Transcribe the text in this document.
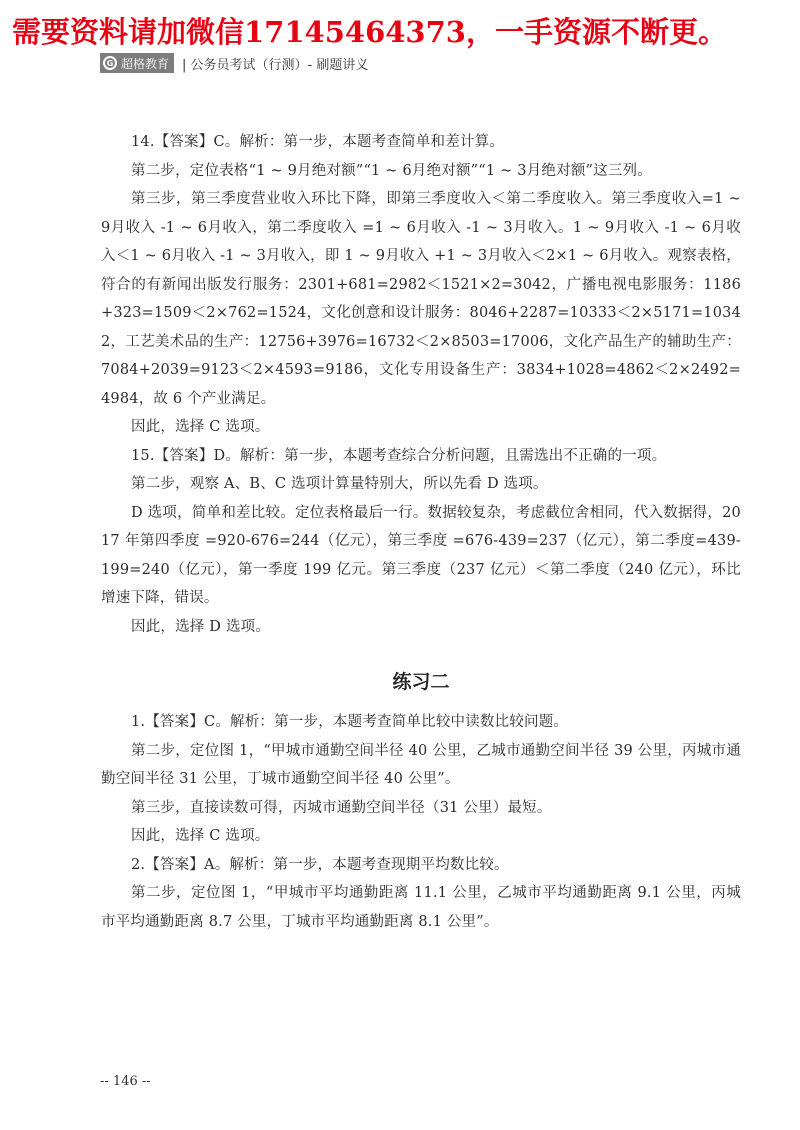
需要资料请加微信17145464373，一手资源不断更。
G 超格教育 | 公务员考试（行测）- 刷题讲义

14.【答案】C。解析：第一步，本题考查简单和差计算。

第二步，定位表格“1 ~ 9月绝对额”“1 ~ 6月绝对额”“1 ~ 3月绝对额”这三列。

第三步，第三季度营业收入环比下降，即第三季度收入＜第二季度收入。第三季度收入=1 ~ 9月收入 -1 ~ 6月收入，第二季度收入 =1 ~ 6月收入 -1 ~ 3月收入。1 ~ 9月收入 -1 ~ 6月收入＜1 ~ 6月收入 -1 ~ 3月收入，即 1 ~ 9月收入 +1 ~ 3月收入＜2×1 ~ 6月收入。观察表格，符合的有新闻出版发行服务：2301+681=2982＜1521×2=3042，广播电视电影服务：1186+323=1509＜2×762=1524，文化创意和设计服务：8046+2287=10333＜2×5171=10342，工艺美术品的生产：12756+3976=16732＜2×8503=17006，文化产品生产的辅助生产：7084+2039=9123＜2×4593=9186，文化专用设备生产：3834+1028=4862＜2×2492=4984，故 6 个产业满足。

因此，选择 C 选项。

15.【答案】D。解析：第一步，本题考查综合分析问题，且需选出不正确的一项。

第二步，观察 A、B、C 选项计算量特别大，所以先看 D 选项。

D 选项，简单和差比较。定位表格最后一行。数据较复杂，考虑截位舍相同，代入数据得，2017 年第四季度 =920-676=244（亿元），第三季度 =676-439=237（亿元），第二季度=439-199=240（亿元），第一季度 199 亿元。第三季度（237 亿元）＜第二季度（240 亿元），环比增速下降，错误。

因此，选择 D 选项。

练习二

1.【答案】C。解析：第一步，本题考查简单比较中读数比较问题。

第二步，定位图 1，“甲城市通勤空间半径 40 公里，乙城市通勤空间半径 39 公里，丙城市通勤空间半径 31 公里，丁城市通勤空间半径 40 公里”。

第三步，直接读数可得，丙城市通勤空间半径（31 公里）最短。

因此，选择 C 选项。

2.【答案】A。解析：第一步，本题考查现期平均数比较。

第二步，定位图 1，“甲城市平均通勤距离 11.1 公里，乙城市平均通勤距离 9.1 公里，丙城市平均通勤距离 8.7 公里，丁城市平均通勤距离 8.1 公里”。

-- 146 --
